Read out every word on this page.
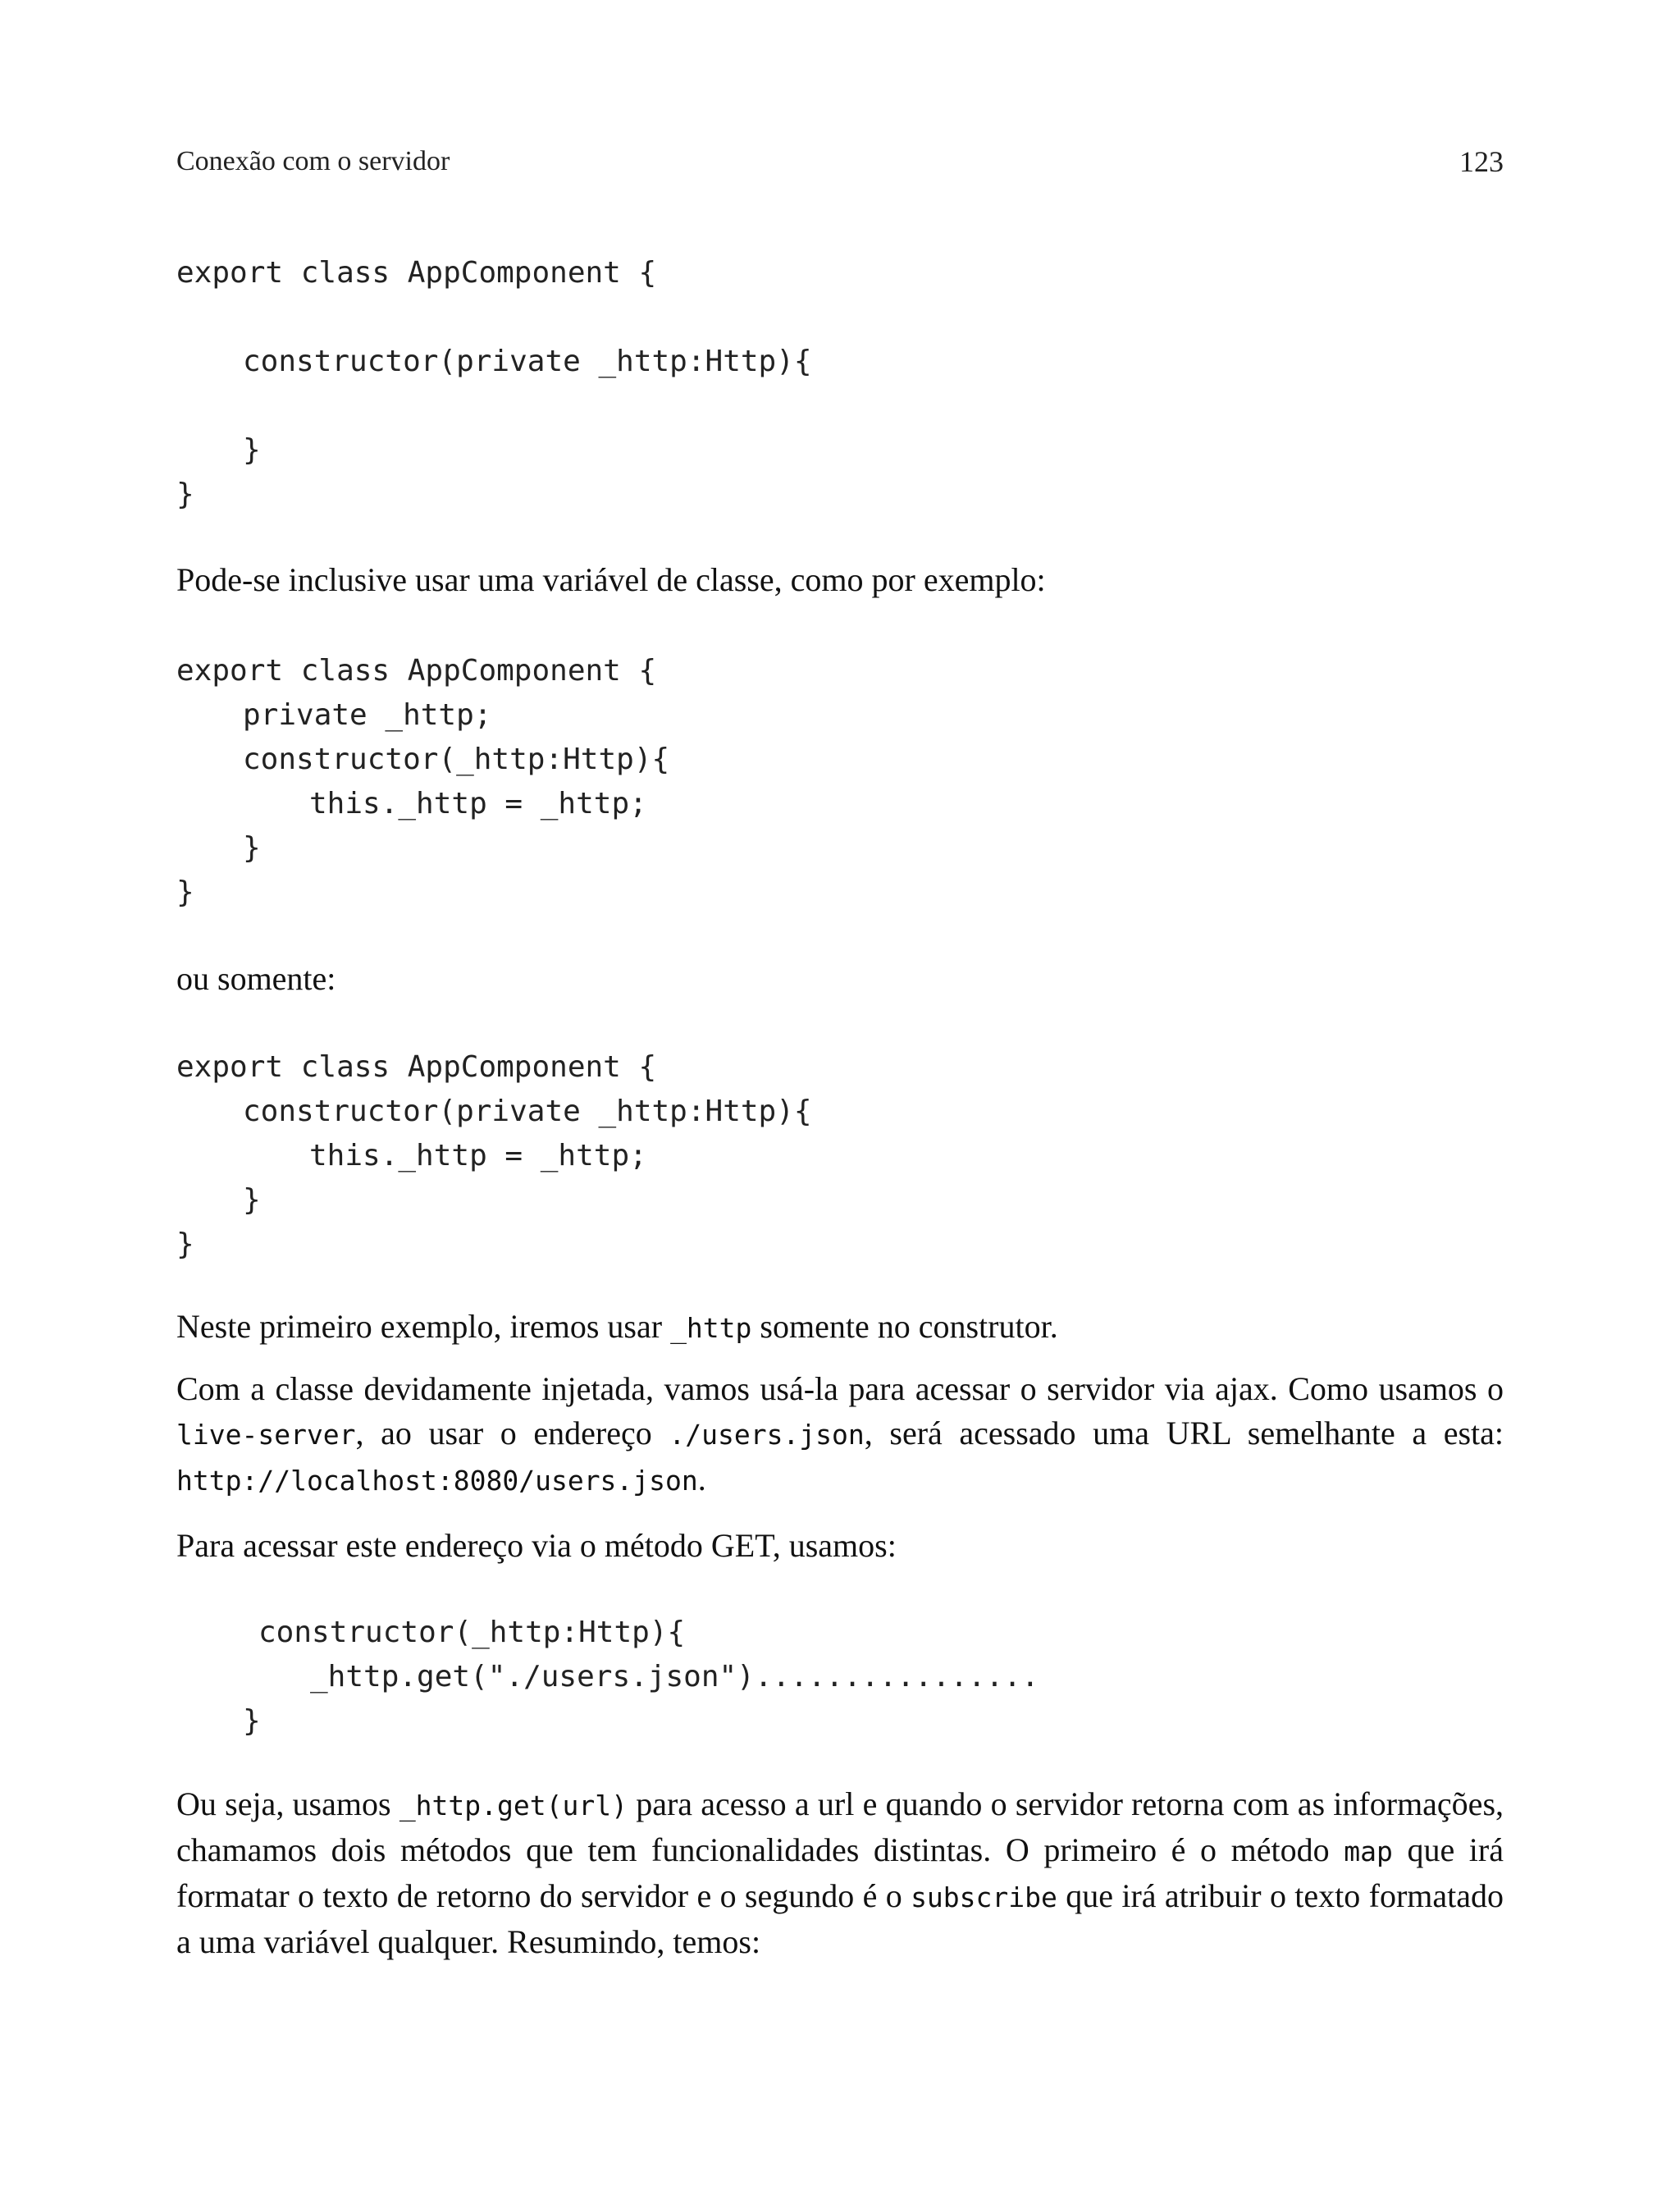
Conexão com o servidor	123
export class AppComponent {
constructor(private _http:Http){
}
}

Pode-se inclusive usar uma variável de classe, como por exemplo:

export class AppComponent {
private _http;
constructor(_http:Http){
this._http = _http;
}
}

ou somente:

export class AppComponent {
constructor(private _http:Http){
this._http = _http;
}
}

Neste primeiro exemplo, iremos usar _http somente no construtor.

Com a classe devidamente injetada, vamos usá-la para acessar o servidor via ajax. Como usamos o live-server, ao usar o endereço ./users.json, será acessado uma URL semelhante a esta: http://localhost:8080/users.json.

Para acessar este endereço via o método GET, usamos:

constructor(_http:Http){
_http.get("./users.json")................
}

Ou seja, usamos _http.get(url) para acesso a url e quando o servidor retorna com as informações, chamamos dois métodos que tem funcionalidades distintas. O primeiro é o método map que irá formatar o texto de retorno do servidor e o segundo é o subscribe que irá atribuir o texto formatado a uma variável qualquer. Resumindo, temos:
